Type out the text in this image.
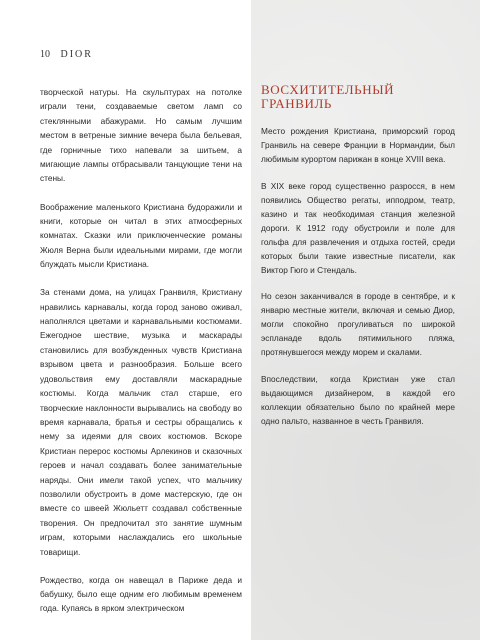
10 DIOR

творческой натуры. На скульптурах на потолке играли тени, создаваемые светом ламп со стеклянными абажурами. Но самым лучшим местом в ветреные зимние вечера была бельевая, где горничные тихо напевали за шитьем, а мигающие лампы отбрасывали танцующие тени на стены.

Воображение маленького Кристиана будоражили и книги, которые он читал в этих атмосферных комнатах. Сказки или приключенческие романы Жюля Верна были идеальными мирами, где могли блуждать мысли Кристиана.

За стенами дома, на улицах Гранвиля, Кристиану нравились карнавалы, когда город заново оживал, наполнялся цветами и карнавальными костюмами. Ежегодное шествие, музыка и маскарады становились для возбужденных чувств Кристиана взрывом цвета и разнообразия. Больше всего удовольствия ему доставляли маскарадные костюмы. Когда мальчик стал старше, его творческие наклонности вырывались на свободу во время карнавала, братья и сестры обращались к нему за идеями для своих костюмов. Вскоре Кристиан перерос костюмы Арлекинов и сказочных героев и начал создавать более занимательные наряды. Они имели такой успех, что мальчику позволили обустроить в доме мастерскую, где он вместе со швеей Жюльетт создавал собственные творения. Он предпочитал это занятие шумным играм, которыми наслаждались его школьные товарищи.

Рождество, когда он навещал в Париже деда и бабушку, было еще одним его любимым временем года. Купаясь в ярком электрическом

ВОСХИТИТЕЛЬНЫЙ ГРАНВИЛЬ

Место рождения Кристиана, приморский город Гранвиль на севере Франции в Нормандии, был любимым курортом парижан в конце XVIII века.

В XIX веке город существенно разросся, в нем появились Общество регаты, ипподром, театр, казино и так необходимая станция железной дороги. К 1912 году обустроили и поле для гольфа для развлечения и отдыха гостей, среди которых были такие известные писатели, как Виктор Гюго и Стендаль.

Но сезон заканчивался в городе в сентябре, и к январю местные жители, включая и семью Диор, могли спокойно прогуливаться по широкой эспланаде вдоль пятимильного пляжа, протянувшегося между морем и скалами.

Впоследствии, когда Кристиан уже стал выдающимся дизайнером, в каждой его коллекции обязательно было по крайней мере одно пальто, названное в честь Гранвиля.
